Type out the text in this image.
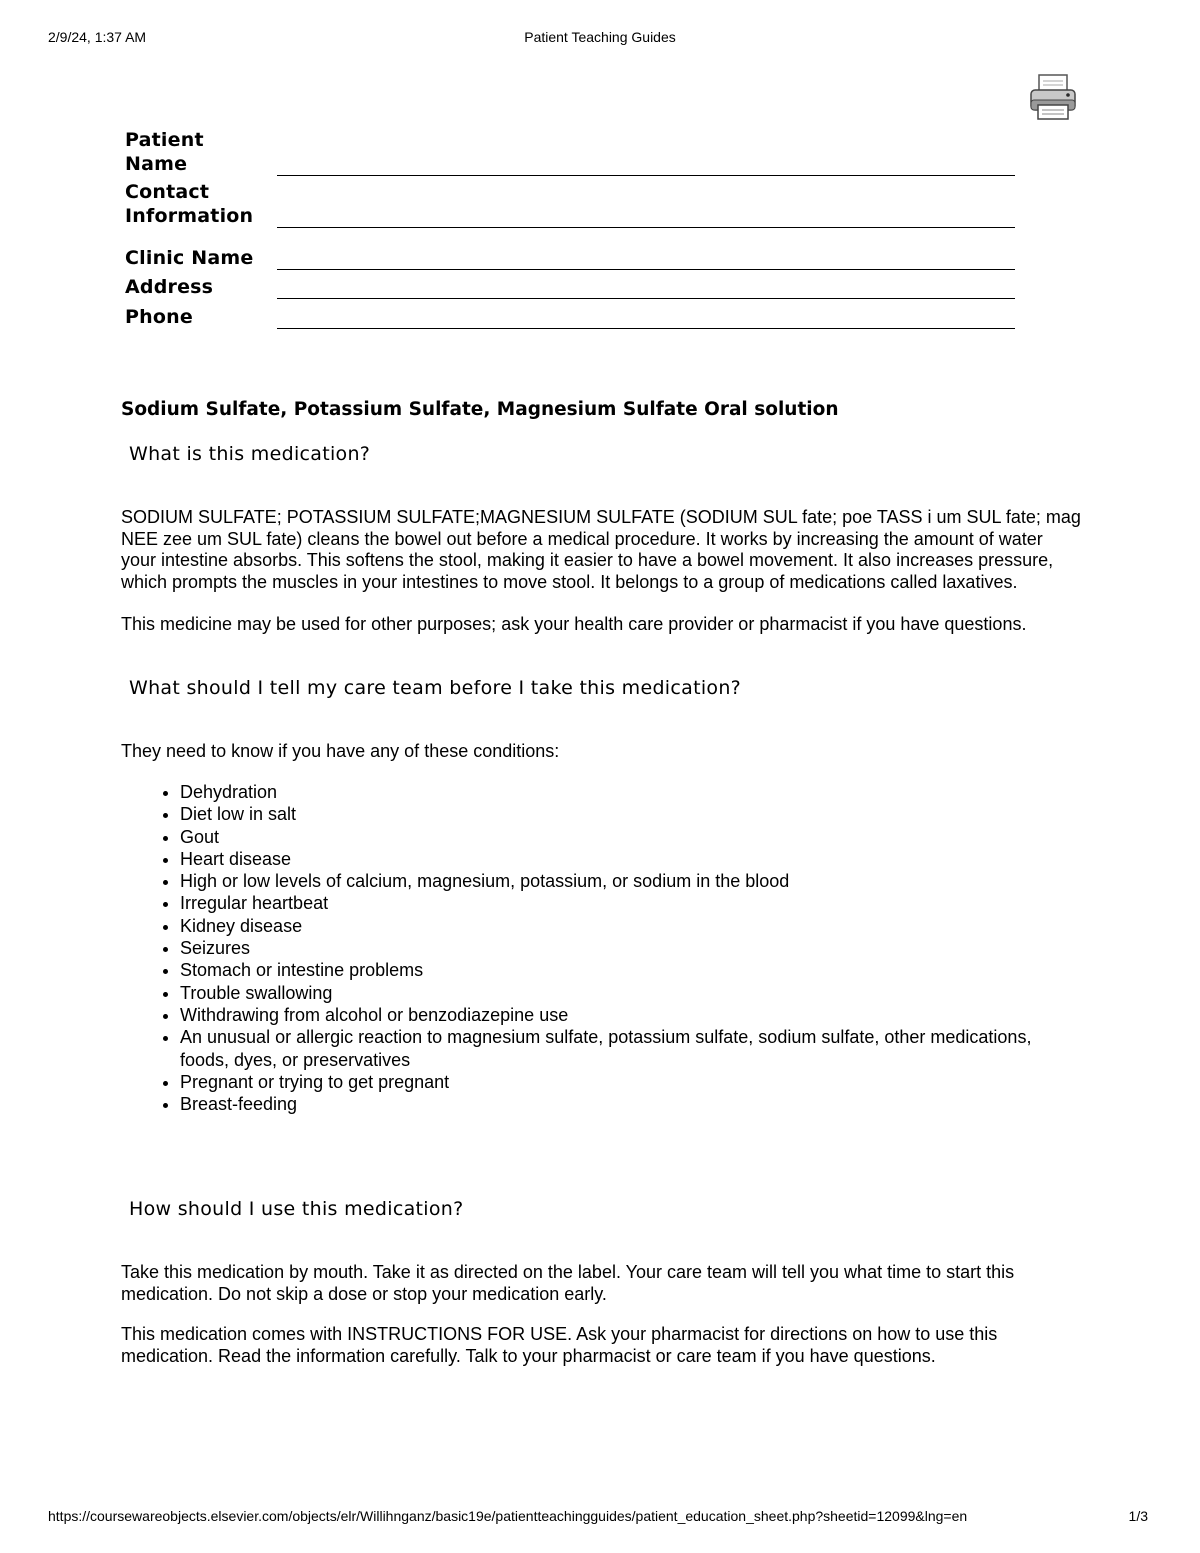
2/9/24, 1:37 AM	Patient Teaching Guides
Patient
Name
Contact
Information
Clinic Name
Address
Phone
Sodium Sulfate, Potassium Sulfate, Magnesium Sulfate Oral solution
What is this medication?

SODIUM SULFATE; POTASSIUM SULFATE;MAGNESIUM SULFATE (SODIUM SUL fate; poe TASS i um SUL fate; mag NEE zee um SUL fate) cleans the bowel out before a medical procedure. It works by increasing the amount of water your intestine absorbs. This softens the stool, making it easier to have a bowel movement. It also increases pressure, which prompts the muscles in your intestines to move stool. It belongs to a group of medications called laxatives.

This medicine may be used for other purposes; ask your health care provider or pharmacist if you have questions.

What should I tell my care team before I take this medication?

They need to know if you have any of these conditions:

• Dehydration
• Diet low in salt
• Gout
• Heart disease
• High or low levels of calcium, magnesium, potassium, or sodium in the blood
• Irregular heartbeat
• Kidney disease
• Seizures
• Stomach or intestine problems
• Trouble swallowing
• Withdrawing from alcohol or benzodiazepine use
• An unusual or allergic reaction to magnesium sulfate, potassium sulfate, sodium sulfate, other medications, foods, dyes, or preservatives
• Pregnant or trying to get pregnant
• Breast-feeding
How should I use this medication?

Take this medication by mouth. Take it as directed on the label. Your care team will tell you what time to start this medication. Do not skip a dose or stop your medication early.

This medication comes with INSTRUCTIONS FOR USE. Ask your pharmacist for directions on how to use this medication. Read the information carefully. Talk to your pharmacist or care team if you have questions.

https://coursewareobjects.elsevier.com/objects/elr/Willihnganz/basic19e/patientteachingguides/patient_education_sheet.php?sheetid=12099&lng=en	1/3
